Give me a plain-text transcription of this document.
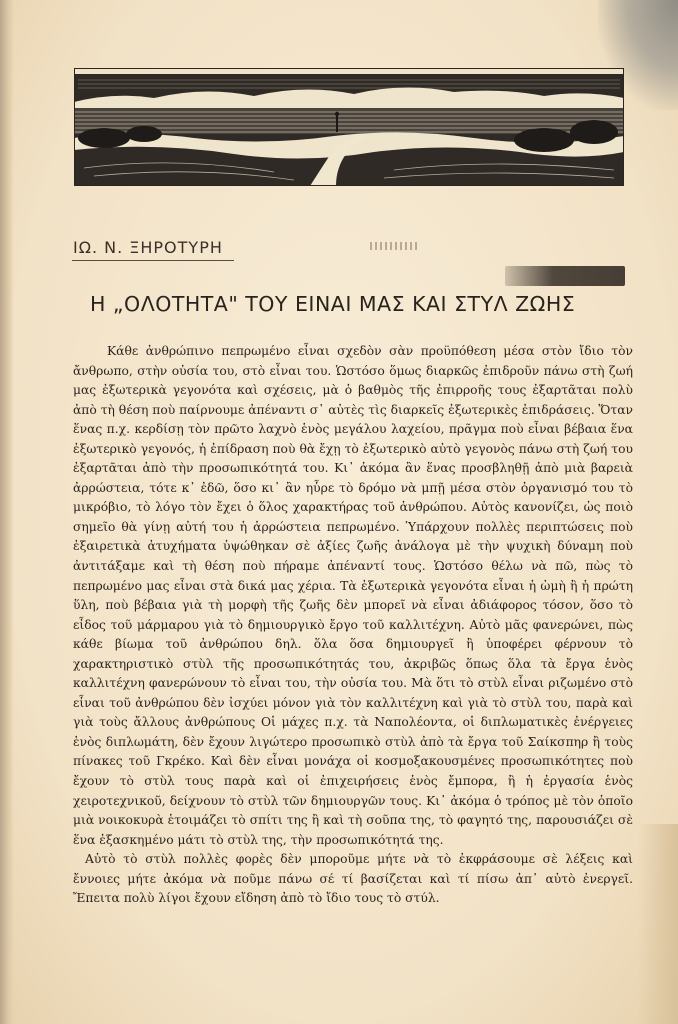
ΙΩ. Ν. ΞΗΡΟΤΥΡΗ
Η „ΟΛΟΤΗΤΑ" ΤΟΥ ΕΙΝΑΙ ΜΑΣ ΚΑΙ ΣΤΥΛ ΖΩΗΣ

Κάθε ἀνθρώπινο πεπρωμένο εἶναι σχεδὸν σὰν προϋπόθεση μέσα στὸν ἴδιο τὸν ἄνθρωπο, στὴν οὐσία του, στὸ εἶναι του. Ὡστόσο ὅμως διαρκῶς ἐπιδροῦν πάνω στὴ ζωή μας ἐξωτερικὰ γεγονότα καὶ σχέσεις, μὰ ὁ βαθμὸς τῆς ἐπιρροῆς τους ἐξαρτᾶται πολὺ ἀπὸ τὴ θέση ποὺ παίρνουμε ἀπέναντι σ᾽ αὐτὲς τὶς διαρκεῖς ἐξωτερικὲς ἐπιδράσεις. Ὅταν ἕνας π.χ. κερδίσῃ τὸν πρῶτο λαχνὸ ἑνὸς μεγάλου λαχείου, πρᾶγμα ποὺ εἶναι βέβαια ἕνα ἐξωτερικὸ γεγονός, ἡ ἐπίδραση ποὺ θὰ ἔχῃ τὸ ἐξωτερικὸ αὐτὸ γεγονὸς πάνω στὴ ζωή του ἐξαρτᾶται ἀπὸ τὴν προσωπικότητά του. Κι᾽ ἀκόμα ἂν ἕνας προσβληθῇ ἀπὸ μιὰ βαρειὰ ἀρρώστεια, τότε κ᾽ ἐδῶ, ὅσο κι᾽ ἂν ηὗρε τὸ δρόμο νὰ μπῇ μέσα στὸν ὀργανισμό του τὸ μικρόβιο, τὸ λόγο τὸν ἔχει ὁ ὅλος χαρακτήρας τοῦ ἀνθρώπου. Αὐτὸς κανονίζει, ὡς ποιὸ σημεῖο θὰ γίνῃ αὐτή του ἡ ἀρρώστεια πεπρωμένο. Ὑπάρχουν πολλὲς περιπτώσεις ποὺ ἐξαιρετικὰ ἀτυχήματα ὑψώθηκαν σὲ ἀξίες ζωῆς ἀνάλογα μὲ τὴν ψυχικὴ δύναμη ποὺ ἀντιτάξαμε καὶ τὴ θέση ποὺ πήραμε ἀπέναντί τους. Ὡστόσο θέλω νὰ πῶ, πὼς τὸ πεπρωμένο μας εἶναι στὰ δικά μας χέρια. Τὰ ἐξωτερικὰ γεγονότα εἶναι ἡ ὠμὴ ἢ ἡ πρώτη ὕλη, ποὺ βέβαια γιὰ τὴ μορφὴ τῆς ζωῆς δὲν μπορεῖ νὰ εἶναι ἀδιάφορος τόσον, ὅσο τὸ εἶδος τοῦ μάρμαρου γιὰ τὸ δημιουργικὸ ἔργο τοῦ καλλιτέχνη. Αὐτὸ μᾶς φανερώνει, πὼς κάθε βίωμα τοῦ ἀνθρώπου δηλ. ὅλα ὅσα δημιουργεῖ ἢ ὑποφέρει φέρνουν τὸ χαρακτηριστικὸ στὺλ τῆς προσωπικότητάς του, ἀκριβῶς ὅπως ὅλα τὰ ἔργα ἑνὸς καλλιτέχνη φανερώνουν τὸ εἶναι του, τὴν οὐσία του. Μὰ ὅτι τὸ στὺλ εἶναι ριζωμένο στὸ εἶναι τοῦ ἀνθρώπου δὲν ἰσχύει μόνον γιὰ τὸν καλλιτέχνη καὶ γιὰ τὸ στὺλ του, παρὰ καὶ γιὰ τοὺς ἄλλους ἀνθρώπους Οἱ μάχες π.χ. τὰ Ναπολέοντα, οἱ διπλωματικὲς ἐνέργειες ἑνὸς διπλωμάτη, δὲν ἔχουν λιγώτερο προσωπικὸ στὺλ ἀπὸ τὰ ἔργα τοῦ Σαίκσπηρ ἢ τοὺς πίνακες τοῦ Γκρέκο. Καὶ δὲν εἶναι μονάχα οἱ κοσμοξακουσμένες προσωπικότητες ποὺ ἔχουν τὸ στὺλ τους παρὰ καὶ οἱ ἐπιχειρήσεις ἑνὸς ἔμπορα, ἢ ἡ ἐργασία ἑνὸς χειροτεχνικοῦ, δείχνουν τὸ στὺλ τῶν δημιουργῶν τους. Κι᾽ ἀκόμα ὁ τρόπος μὲ τὸν ὁποῖο μιὰ νοικοκυρὰ ἑτοιμάζει τὸ σπίτι της ἢ καὶ τὴ σοῦπα της, τὸ φαγητό της, παρουσιάζει σὲ ἕνα ἐξασκημένο μάτι τὸ στὺλ της, τὴν προσωπικότητά της.

Αὐτὸ τὸ στὺλ πολλὲς φορὲς δὲν μποροῦμε μήτε νὰ τὸ ἐκφράσουμε σὲ λέξεις καὶ ἔννοιες μήτε ἀκόμα νὰ ποῦμε πάνω σέ τί βασίζεται καὶ τί πίσω ἀπ᾽ αὐτὸ ἐνεργεῖ. Ἔπειτα πολὺ λίγοι ἔχουν εἴδηση ἀπὸ τὸ ἴδιο τους τὸ στύλ.
